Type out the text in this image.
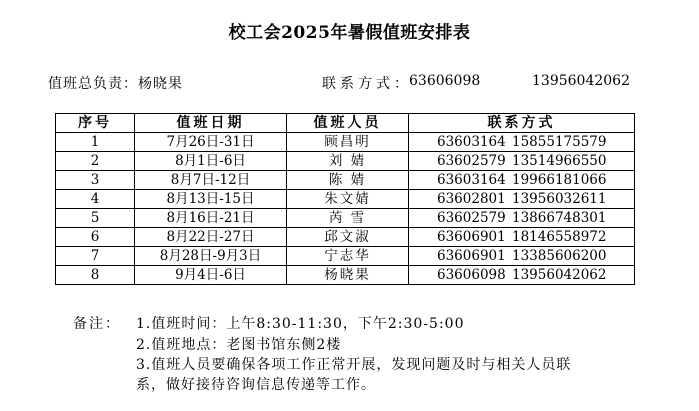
校工会2025年暑假值班安排表
值班总负责： 杨晓果	联系方式：
63606098	13956042062
序号	值班日期	值班人员	联系方式
1	7月26日-31日	顾昌明	63603164 15855175579
2	8月1日-6日	刘 婧	63602579 13514966550
3	8月7日-12日	陈 婧	63603164 19966181066
4	8月13日-15日	朱文婧	63602801 13956032611
5	8月16日-21日	芮 雪	63602579 13866748301
6	8月22日-27日	邱文淑	63606901 18146558972
7	8月28日-9月3日	宁志华	63606901 13385606200
8	9月4日-6日	杨晓果	63606098 13956042062
备注： 1.值班时间：上午8:30-11:30，下午2:30-5:00
2.值班地点：老图书馆东侧2楼
3.值班人员要确保各项工作正常开展，发现问题及时与相关人员联
系，做好接待咨询信息传递等工作。
